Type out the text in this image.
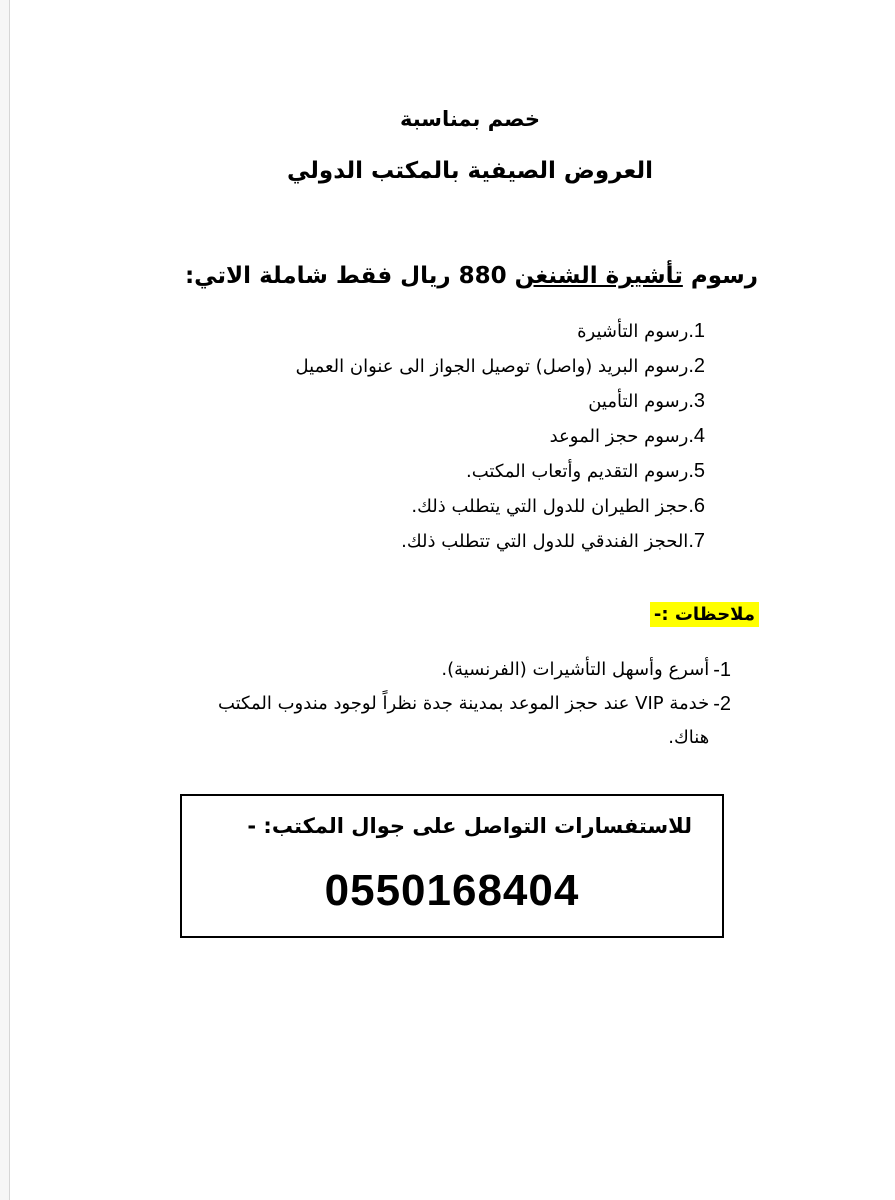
خصم بمناسبة
العروض الصيفية بالمكتب الدولي
رسوم تأشيرة الشنغن 880 ريال فقط شاملة الاتي:
1.رسوم التأشيرة
2.رسوم البريد (واصل) توصيل الجواز الى عنوان العميل
3.رسوم التأمين
4.رسوم حجز الموعد
5.رسوم التقديم وأتعاب المكتب.
6.حجز الطيران للدول التي يتطلب ذلك.
7.الحجز الفندقي للدول التي تتطلب ذلك.
ملاحظات :-
1-
أسرع وأسهل التأشيرات (الفرنسية).
2-
خدمة VIP عند حجز الموعد بمدينة جدة نظراً لوجود مندوب المكتب هناك.
للاستفسارات التواصل على جوال المكتب: -
0550168404
